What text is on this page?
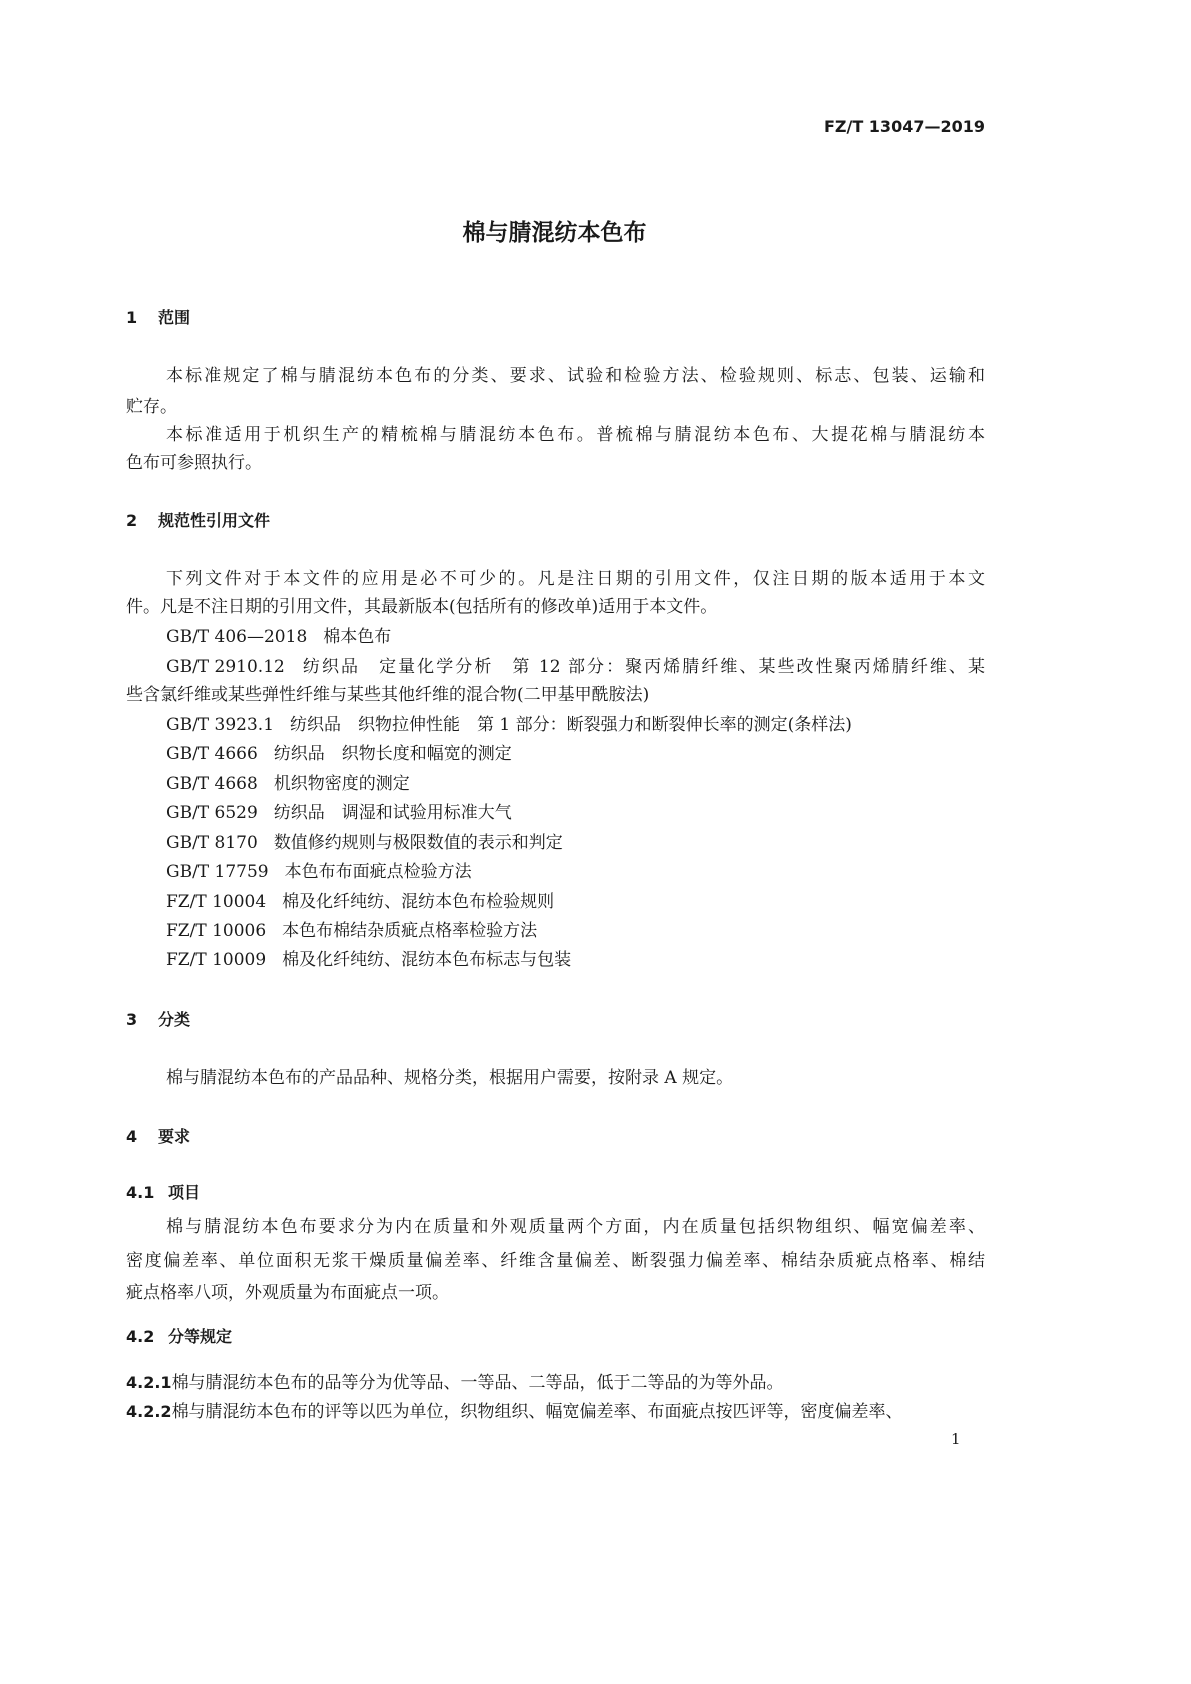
FZ/T 13047—2019
棉与腈混纺本色布
1 范围
本标准规定了棉与腈混纺本色布的分类、要求、试验和检验方法、检验规则、标志、包装、运输和
贮存。
本标准适用于机织生产的精梳棉与腈混纺本色布。普梳棉与腈混纺本色布、大提花棉与腈混纺本
色布可参照执行。
2 规范性引用文件
下列文件对于本文件的应用是必不可少的。凡是注日期的引用文件，仅注日期的版本适用于本文
件。凡是不注日期的引用文件，其最新版本(包括所有的修改单)适用于本文件。
GB/T 406—2018 棉本色布
GB/T 2910.12 纺织品　定量化学分析　第 12 部分：聚丙烯腈纤维、某些改性聚丙烯腈纤维、某
些含氯纤维或某些弹性纤维与某些其他纤维的混合物(二甲基甲酰胺法)
GB/T 3923.1 纺织品　织物拉伸性能　第 1 部分：断裂强力和断裂伸长率的测定(条样法)
GB/T 4666 纺织品　织物长度和幅宽的测定
GB/T 4668 机织物密度的测定
GB/T 6529 纺织品　调湿和试验用标准大气
GB/T 8170 数值修约规则与极限数值的表示和判定
GB/T 17759 本色布布面疵点检验方法
FZ/T 10004 棉及化纤纯纺、混纺本色布检验规则
FZ/T 10006 本色布棉结杂质疵点格率检验方法
FZ/T 10009 棉及化纤纯纺、混纺本色布标志与包装
3 分类
棉与腈混纺本色布的产品品种、规格分类，根据用户需要，按附录 A 规定。
4 要求
4.1 项目
棉与腈混纺本色布要求分为内在质量和外观质量两个方面，内在质量包括织物组织、幅宽偏差率、
密度偏差率、单位面积无浆干燥质量偏差率、纤维含量偏差、断裂强力偏差率、棉结杂质疵点格率、棉结
疵点格率八项，外观质量为布面疵点一项。
4.2 分等规定
4.2.1棉与腈混纺本色布的品等分为优等品、一等品、二等品，低于二等品的为等外品。
4.2.2棉与腈混纺本色布的评等以匹为单位，织物组织、幅宽偏差率、布面疵点按匹评等，密度偏差率、
1
